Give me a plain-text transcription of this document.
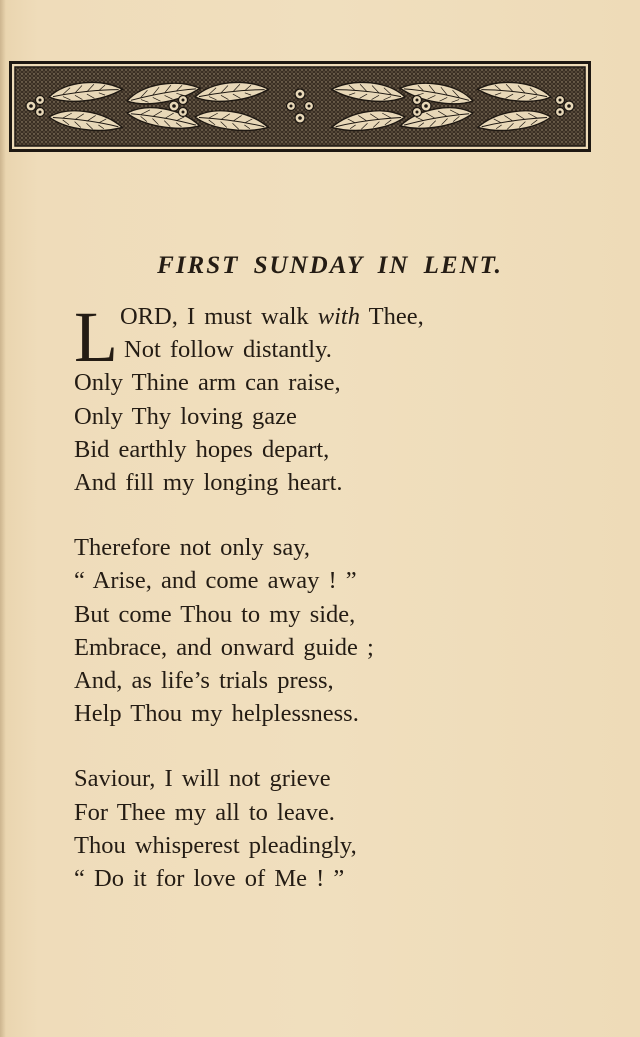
FIRST SUNDAY IN LENT.
L ORD, I must walk with Thee,
Not follow distantly.
Only Thine arm can raise,
Only Thy loving gaze
Bid earthly hopes depart,
And fill my longing heart.
Therefore not only say,
“ Arise, and come away ! ”
But come Thou to my side,
Embrace, and onward guide ;
And, as life’s trials press,
Help Thou my helplessness.
Saviour, I will not grieve
For Thee my all to leave.
Thou whisperest pleadingly,
“ Do it for love of Me ! ”
